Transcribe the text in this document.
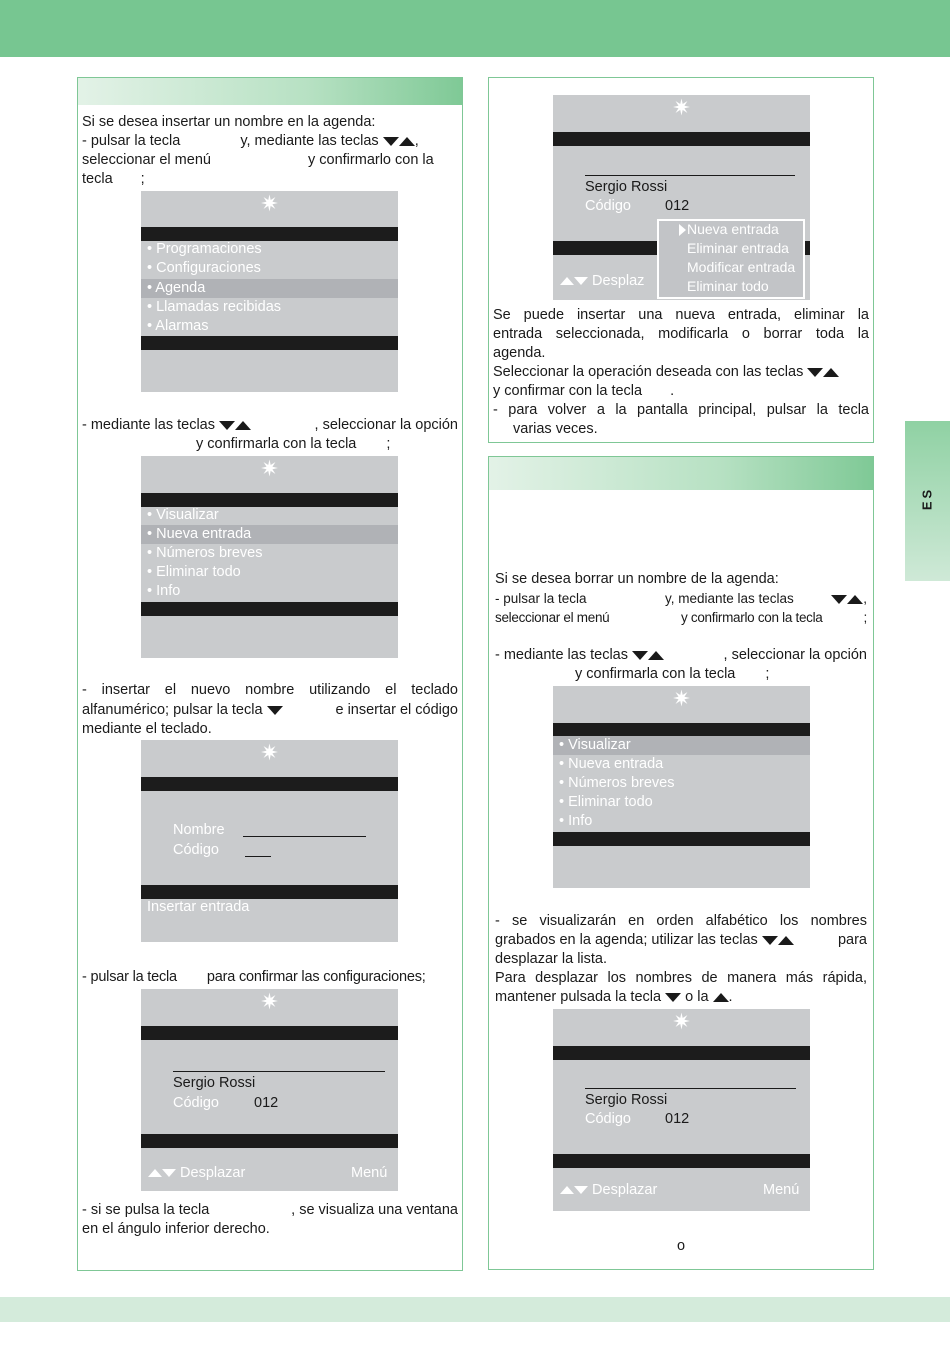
ES
Si se desea insertar un nombre en la agenda:
- pulsar la tecla	y, mediante las teclas ,
seleccionar el menú	y confirmarlo con la
tecla ;
✷
• Programaciones
• Configuraciones
• Agenda
• Llamadas recibidas
• Alarmas
- mediante las teclas	, seleccionar la opción
y confirmarla con la tecla ;
✷
• Visualizar
• Nueva entrada
• Números breves
• Eliminar todo
• Info
- insertar el nuevo nombre utilizando el teclado
alfanumérico; pulsar la tecla	e insertar el código
mediante el teclado.
✷
Nombre
Código
Insertar entrada
- pulsar la tecla para confirmar las configuraciones;
✷
Sergio Rossi
Código 012
Desplazar	Menú
- si se pulsa la tecla	, se visualiza una ventana
en el ángulo inferior derecho.
✷
Sergio Rossi
Código 012
Desplaz
Nueva entrada
Eliminar entrada
Modificar entrada
Eliminar todo
Se puede insertar una nueva entrada, eliminar la
entrada seleccionada, modificarla o borrar toda la
agenda.
Seleccionar la operación deseada con las teclas
y confirmar con la tecla .
- para volver a la pantalla principal, pulsar la tecla
varias veces.
Si se desea borrar un nombre de la agenda:
- pulsar la tecla	y, mediante las teclas	,
seleccionar el menú	y confirmarlo con la tecla	;
- mediante las teclas	, seleccionar la opción
y confirmarla con la tecla ;
✷
• Visualizar
• Nueva entrada
• Números breves
• Eliminar todo
• Info
- se visualizarán en orden alfabético los nombres
grabados en la agenda; utilizar las teclas	para
desplazar la lista.
Para desplazar los nombres de manera más rápida,
mantener pulsada la tecla o la .
✷
Sergio Rossi
Código 012
Desplazar	Menú
o
